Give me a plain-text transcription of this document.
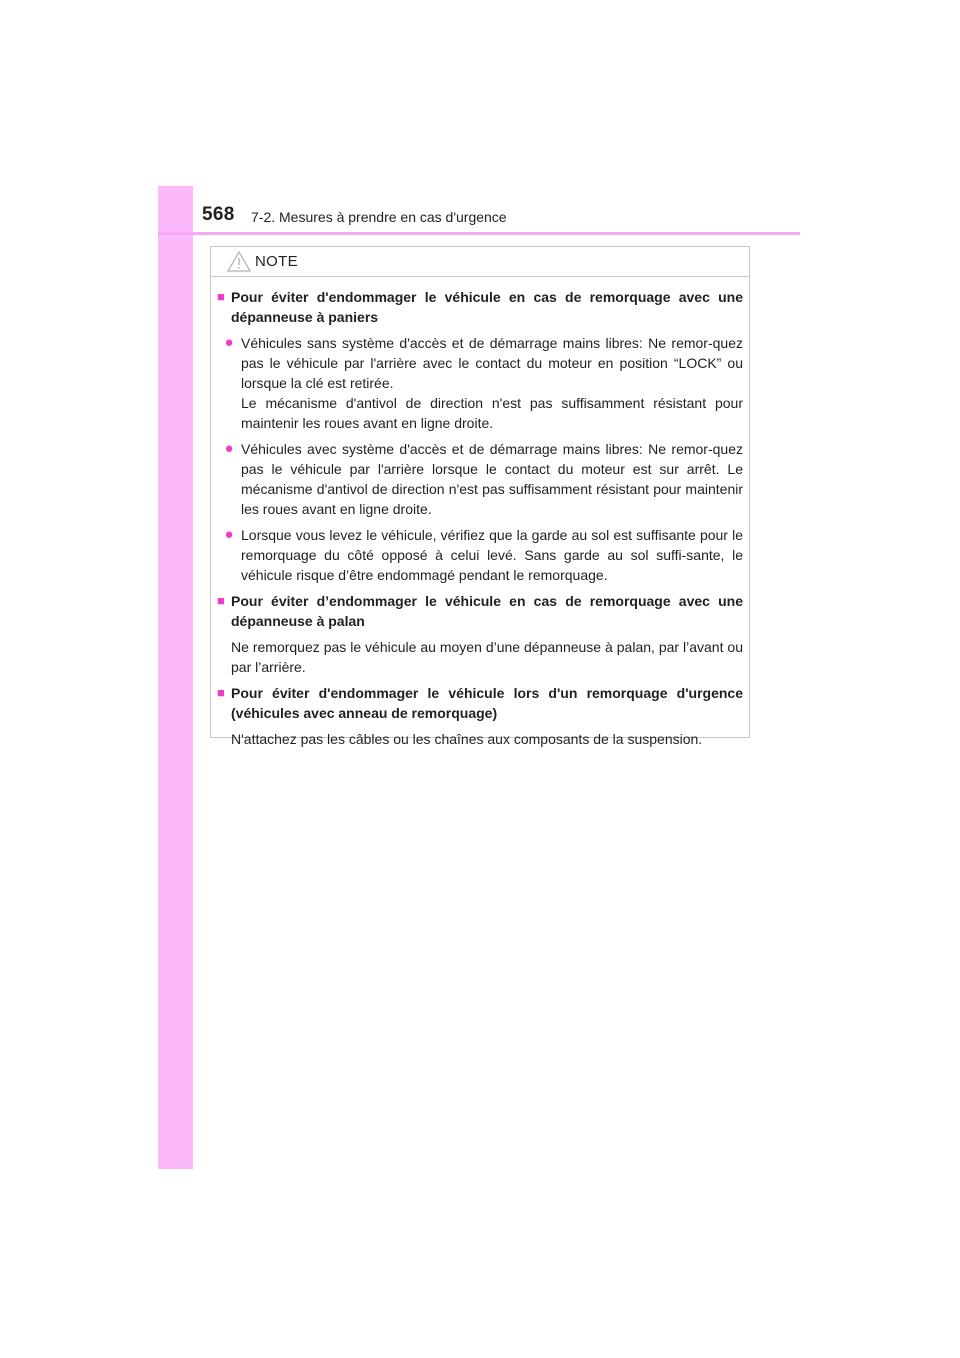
568 7-2. Mesures à prendre en cas d'urgence
NOTE
■ Pour éviter d'endommager le véhicule en cas de remorquage avec une dépanneuse à paniers
● Véhicules sans système d'accès et de démarrage mains libres: Ne remor-quez pas le véhicule par l'arrière avec le contact du moteur en position “LOCK” ou lorsque la clé est retirée.
Le mécanisme d'antivol de direction n'est pas suffisamment résistant pour maintenir les roues avant en ligne droite.
● Véhicules avec système d'accès et de démarrage mains libres: Ne remor-quez pas le véhicule par l'arrière lorsque le contact du moteur est sur arrêt. Le mécanisme d'antivol de direction n'est pas suffisamment résistant pour maintenir les roues avant en ligne droite.
● Lorsque vous levez le véhicule, vérifiez que la garde au sol est suffisante pour le remorquage du côté opposé à celui levé. Sans garde au sol suffi-sante, le véhicule risque d’être endommagé pendant le remorquage.
■ Pour éviter d’endommager le véhicule en cas de remorquage avec une dépanneuse à palan
Ne remorquez pas le véhicule au moyen d’une dépanneuse à palan, par l’avant ou par l’arrière.
■ Pour éviter d'endommager le véhicule lors d'un remorquage d'urgence (véhicules avec anneau de remorquage)
N'attachez pas les câbles ou les chaînes aux composants de la suspension.
